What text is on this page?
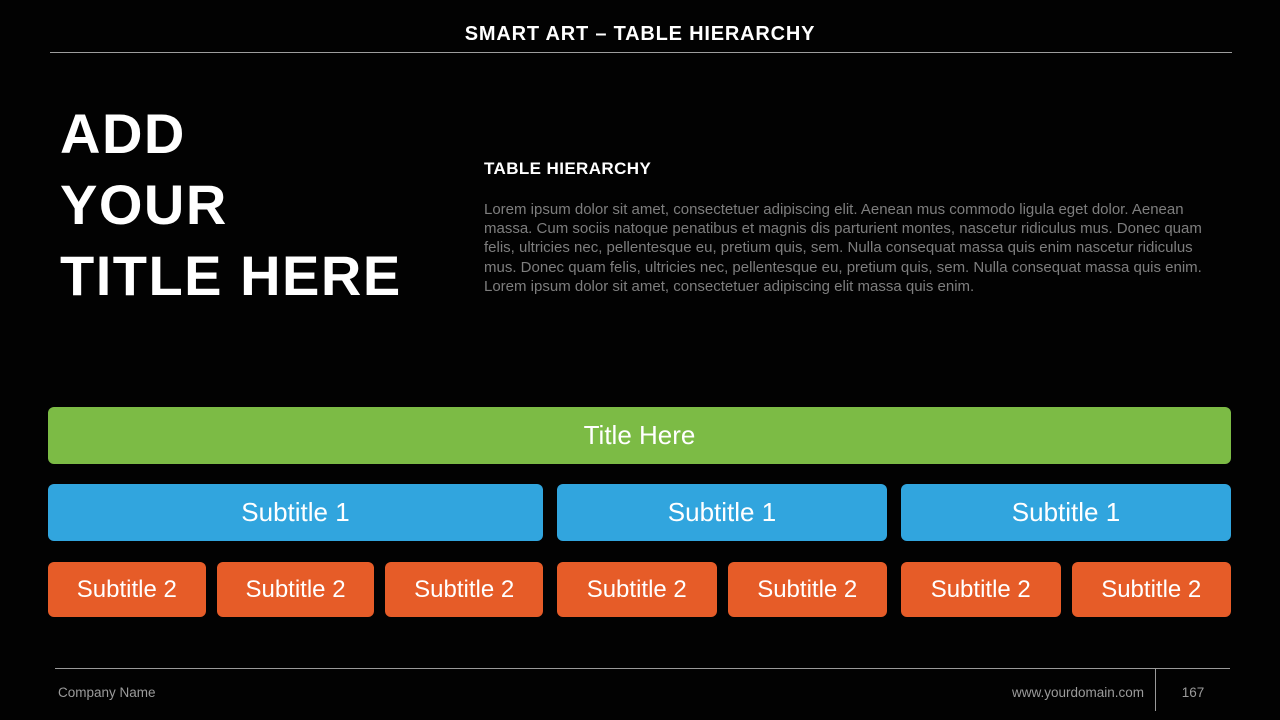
SMART ART – TABLE HIERARCHY
ADD
YOUR
TITLE HERE
TABLE HIERARCHY

Lorem ipsum dolor sit amet, consectetuer adipiscing elit. Aenean mus commodo ligula eget dolor. Aenean massa. Cum sociis natoque penatibus et magnis dis parturient montes, nascetur ridiculus mus. Donec quam felis, ultricies nec, pellentesque eu, pretium quis, sem. Nulla consequat massa quis enim nascetur ridiculus mus. Donec quam felis, ultricies nec, pellentesque eu, pretium quis, sem. Nulla consequat massa quis enim. Lorem ipsum dolor sit amet, consectetuer adipiscing elit massa quis enim.

Title Here
Subtitle 1
Subtitle 2	Subtitle 2	Subtitle 2
Subtitle 1
Subtitle 2	Subtitle 2
Subtitle 1
Subtitle 2	Subtitle 2
Company Name	www.yourdomain.com	167
